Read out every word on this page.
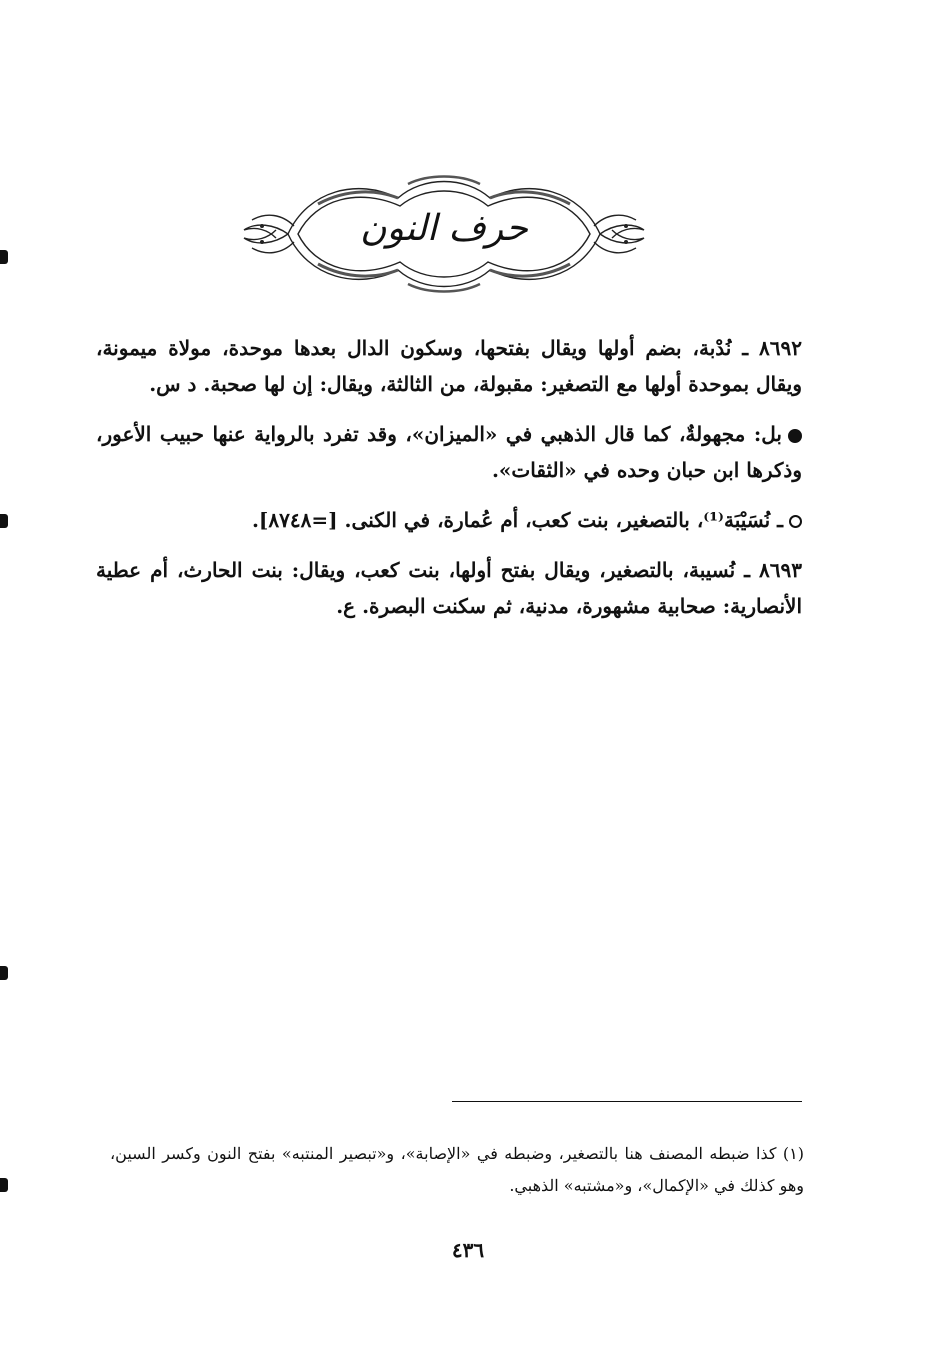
حرف النون

٨٦٩٢ ـ نُدْبة، بضم أولها ويقال بفتحها، وسكون الدال بعدها موحدة، مولاة ميمونة، ويقال بموحدة أولها مع التصغير: مقبولة، من الثالثة، ويقال: إن لها صحبة. د س.

بل: مجهولةٌ، كما قال الذهبي في «الميزان»، وقد تفرد بالرواية عنها حبيب الأعور، وذكرها ابن حبان وحده في «الثقات».

ـ نُسَيْبَة⁽¹⁾، بالتصغير، بنت كعب، أم عُمارة، في الكنى. [=٨٧٤٨].

٨٦٩٣ ـ نُسيبة، بالتصغير، ويقال بفتح أولها، بنت كعب، ويقال: بنت الحارث، أم عطية الأنصارية: صحابية مشهورة، مدنية، ثم سكنت البصرة. ع.

(١) كذا ضبطه المصنف هنا بالتصغير، وضبطه في «الإصابة»، و«تبصير المنتبه» بفتح النون وكسر السين، وهو كذلك في «الإكمال»، و«مشتبه» الذهبي.
٤٣٦
